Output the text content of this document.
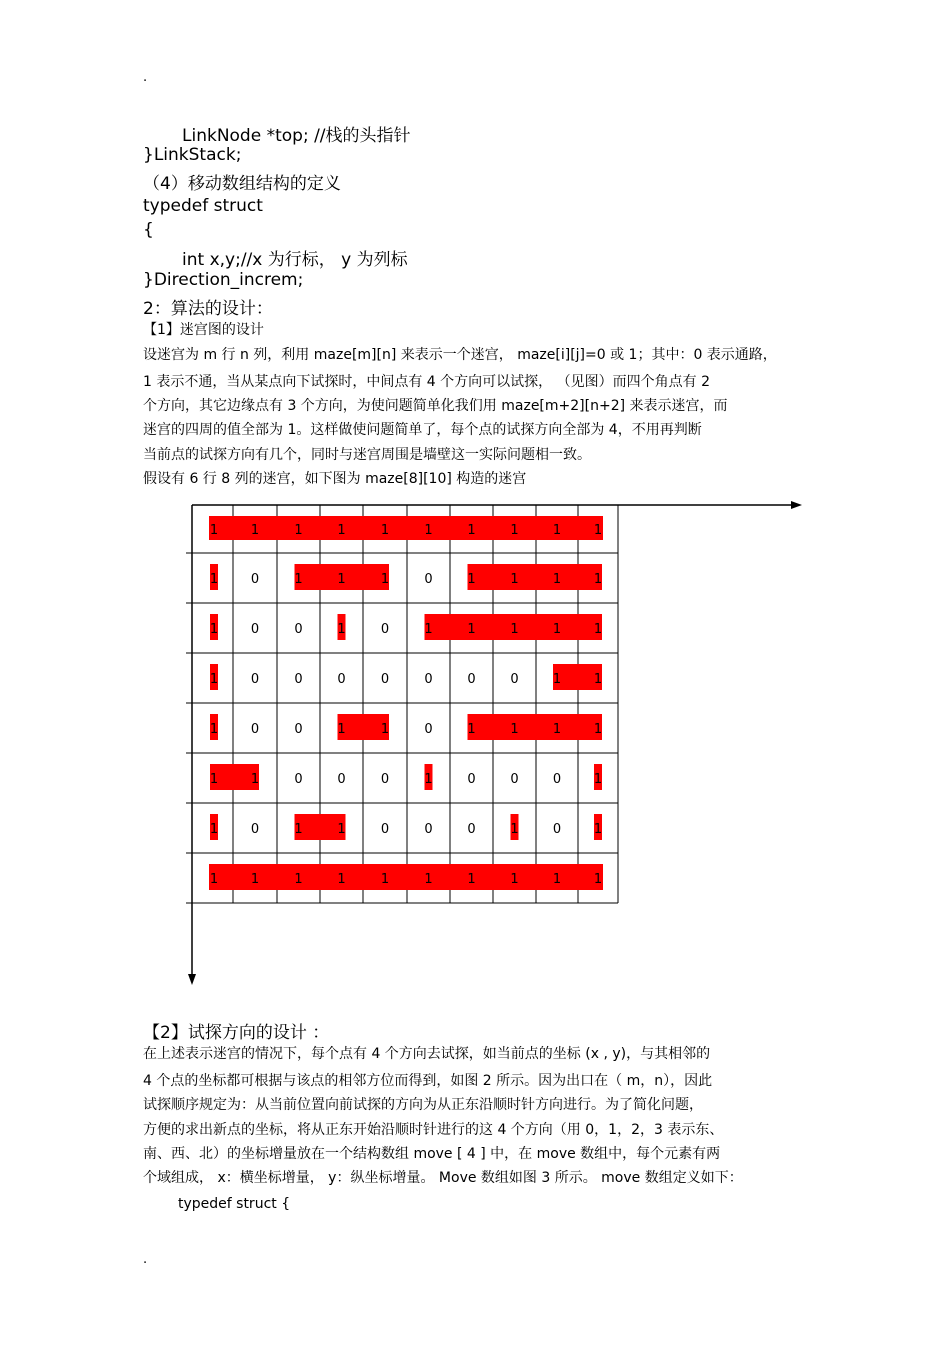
.
LinkNode *top; //栈的头指针
}LinkStack;
（4）移动数组结构的定义
typedef struct
{
int x,y;//x 为行标， y 为列标
}Direction_increm;
2：算法的设计：
【1】迷宫图的设计
设迷宫为 m 行 n 列，利用 maze[m][n] 来表示一个迷宫， maze[i][j]=0 或 1；其中：0 表示通路，
1 表示不通，当从某点向下试探时，中间点有 4 个方向可以试探， （见图）而四个角点有 2
个方向，其它边缘点有 3 个方向，为使问题简单化我们用 maze[m+2][n+2] 来表示迷宫，而
迷宫的四周的值全部为 1。这样做使问题简单了，每个点的试探方向全部为 4，不用再判断
当前点的试探方向有几个，同时与迷宫周围是墙壁这一实际问题相一致。
假设有 6 行 8 列的迷宫，如下图为 maze[8][10] 构造的迷宫
1	1	1	1	1	1	1	1	1	1
1	0	1	1	1	0	1	1	1	1
1	0	0	1	0	1	1	1	1	1
1	0	0	0	0	0	0	0	1	1
1	0	0	1	1	0	1	1	1	1
1	1	0	0	0	1	0	0	0	1
1	0	1	1	0	0	0	1	0	1
1	1	1	1	1	1	1	1	1	1
【2】试探方向的设计 ：
在上述表示迷宫的情况下，每个点有 4 个方向去试探，如当前点的坐标 (x , y)，与其相邻的
4 个点的坐标都可根据与该点的相邻方位而得到，如图 2 所示。因为出口在（ m，n），因此
试探顺序规定为：从当前位置向前试探的方向为从正东沿顺时针方向进行。为了简化问题，
方便的求出新点的坐标，将从正东开始沿顺时针进行的这 4 个方向（用 0，1，2，3 表示东、
南、西、北）的坐标增量放在一个结构数组 move [ 4 ] 中，在 move 数组中，每个元素有两
个域组成， x：横坐标增量， y：纵坐标增量。 Move 数组如图 3 所示。 move 数组定义如下：
typedef struct {
.
